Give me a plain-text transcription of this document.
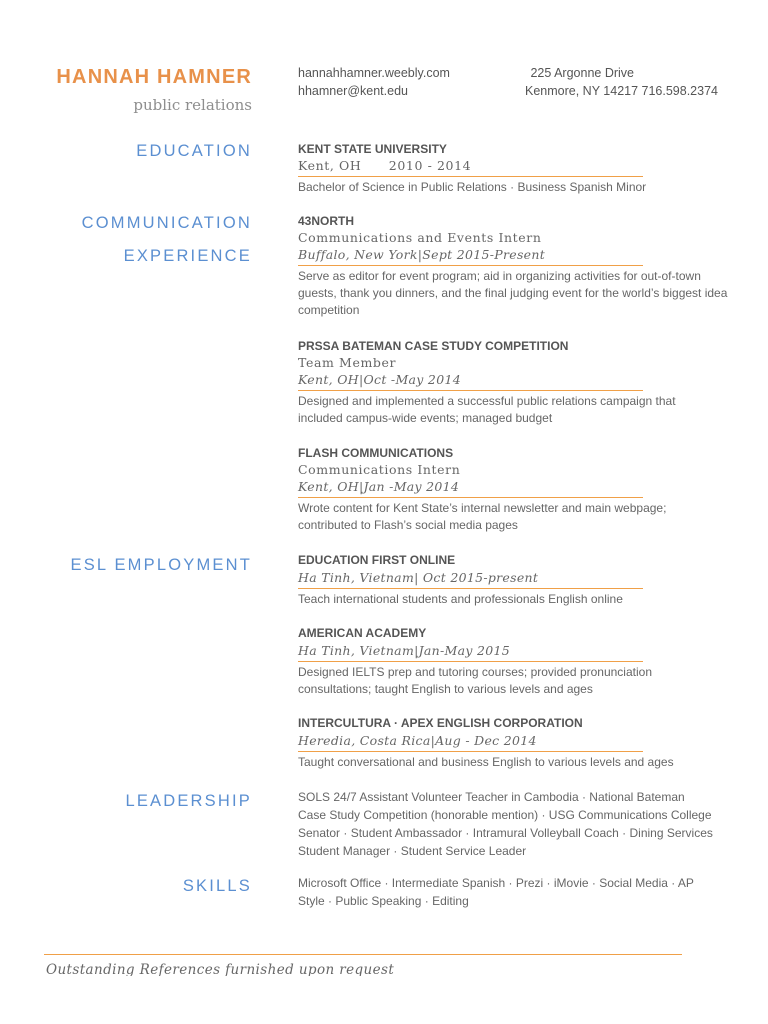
HANNAH HAMNER
public relations
hannahhamner.weebly.com
hhamner@kent.edu
225 Argonne Drive
Kenmore, NY 14217 716.598.2374
EDUCATION
COMMUNICATION
EXPERIENCE
ESL EMPLOYMENT
LEADERSHIP
SKILLS
KENT STATE UNIVERSITY
Kent, OH      2010 - 2014
Bachelor of Science in Public Relations · Business Spanish Minor
43NORTH
Communications and Events Intern
Buffalo, New York|Sept 2015-Present
Serve as editor for event program; aid in organizing activities for out-of-town guests, thank you dinners, and the final judging event for the world’s biggest idea competition
PRSSA BATEMAN CASE STUDY COMPETITION
Team Member
Kent, OH|Oct -May 2014
Designed and implemented a successful public relations campaign that included campus-wide events; managed budget
FLASH COMMUNICATIONS
Communications Intern
Kent, OH|Jan -May 2014
Wrote content for Kent State’s internal newsletter and main webpage; contributed to Flash’s social media pages
EDUCATION FIRST ONLINE
Ha Tinh, Vietnam| Oct 2015-present
Teach international students and professionals English online
AMERICAN ACADEMY
Ha Tinh, Vietnam|Jan-May 2015
Designed IELTS prep and tutoring courses; provided pronunciation consultations; taught English to various levels and ages
INTERCULTURA · APEX ENGLISH CORPORATION
Heredia, Costa Rica|Aug - Dec 2014
Taught conversational and business English to various levels and ages
SOLS 24/7 Assistant Volunteer Teacher in Cambodia · National Bateman Case Study Competition (honorable mention) · USG Communications College Senator · Student Ambassador · Intramural Volleyball Coach · Dining Services Student Manager · Student Service Leader
Microsoft Office · Intermediate Spanish · Prezi · iMovie · Social Media · AP Style · Public Speaking · Editing
Outstanding References furnished upon request
